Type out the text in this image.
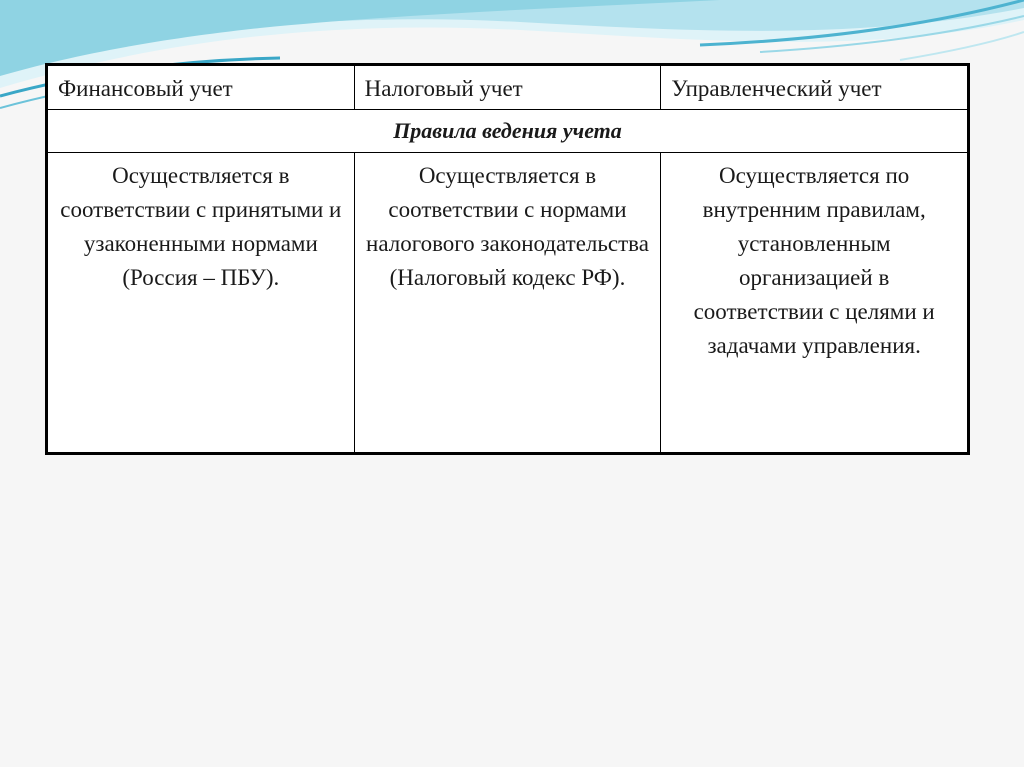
Финансовый учет	Налоговый учет	Управленческий учет
Правила ведения учета		

Осуществляется в соответствии с принятыми и узаконенными нормами (Россия – ПБУ).	Осуществляется в соответствии с нормами налогового законодательства (Налоговый кодекс РФ).	Осуществляется по внутренним правилам, установленным организацией в соответствии с целями и задачами управления.
